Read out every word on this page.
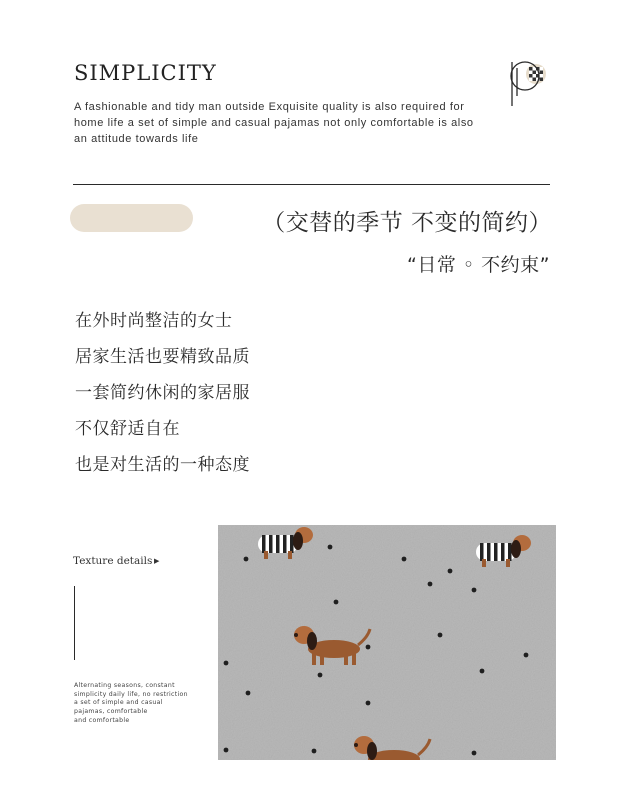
SIMPLICITY

A fashionable and tidy man outside Exquisite quality is also required for home life a set of simple and casual pajamas not only comfortable is also an attitude towards life

（交替的季节 不变的简约）

“日常 ◦ 不约束”

在外时尚整洁的女士
居家生活也要精致品质
一套简约休闲的家居服
不仅舒适自在
也是对生活的一种态度
Texture details ▶
Alternating seasons, constant
simplicity daily life, no restriction
a set of simple and casual
pajamas, comfortable
and comfortable
